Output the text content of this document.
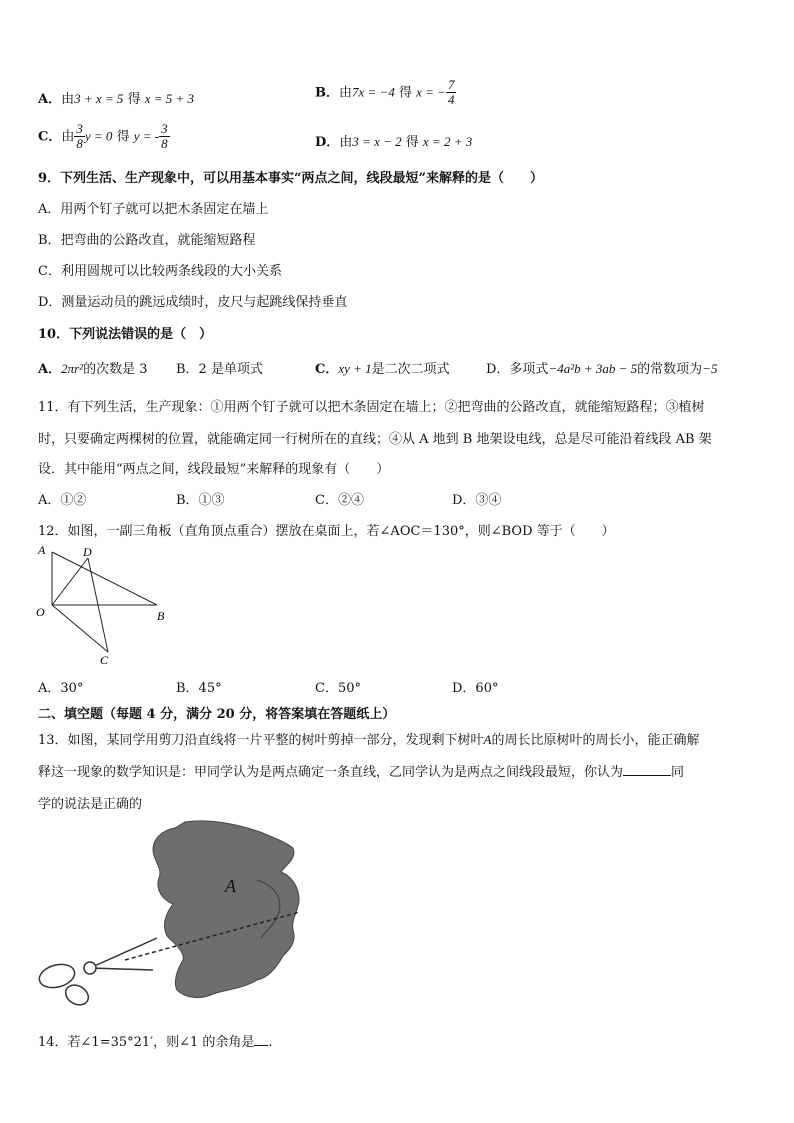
A．由3 + x = 5 得 x = 5 + 3	B．由7x = −4 得 x = − $\frac{7}{4}$
C．由 $\frac{3}{8}$ y = 0 得 y = - $\frac{3}{8}$	D．由3 = x − 2 得 x = 2 + 3
9．下列生活、生产现象中，可以用基本事实“两点之间，线段最短”来解释的是（　　）
A．用两个钉子就可以把木条固定在墙上
B．把弯曲的公路改直，就能缩短路程
C．利用圆规可以比较两条线段的大小关系
D．测量运动员的跳远成绩时，皮尺与起跳线保持垂直
10．下列说法错误的是（　）
A．2πr²的次数是 3 B．2 是单项式	C．xy + 1是二次二项式	D．多项式−4a²b + 3ab − 5的常数项为−5
11．有下列生活，生产现象：①用两个钉子就可以把木条固定在墙上；②把弯曲的公路改直，就能缩短路程；③植树
时，只要确定两棵树的位置，就能确定同一行树所在的直线；④从 A 地到 B 地架设电线，总是尽可能沿着线段 AB 架
设．其中能用“两点之间，线段最短”来解释的现象有（　　）
A．①②	B．①③	C．②④	D．③④
12．如图，一副三角板（直角顶点重合）摆放在桌面上，若∠AOC＝130°，则∠BOD 等于（　　）
A	D
O	B
C
A．30°	B．45°	C．50°	D．60°
二、填空题（每题 4 分，满分 20 分，将答案填在答题纸上）
13．如图，某同学用剪刀沿直线将一片平整的树叶剪掉一部分，发现剩下树叶A的周长比原树叶的周长小，能正确解
释这一现象的数学知识是：甲同学认为是两点确定一条直线，乙同学认为是两点之间线段最短，你认为	同
学的说法是正确的
A
14．若∠1=35°21′，则∠1 的余角是 .
